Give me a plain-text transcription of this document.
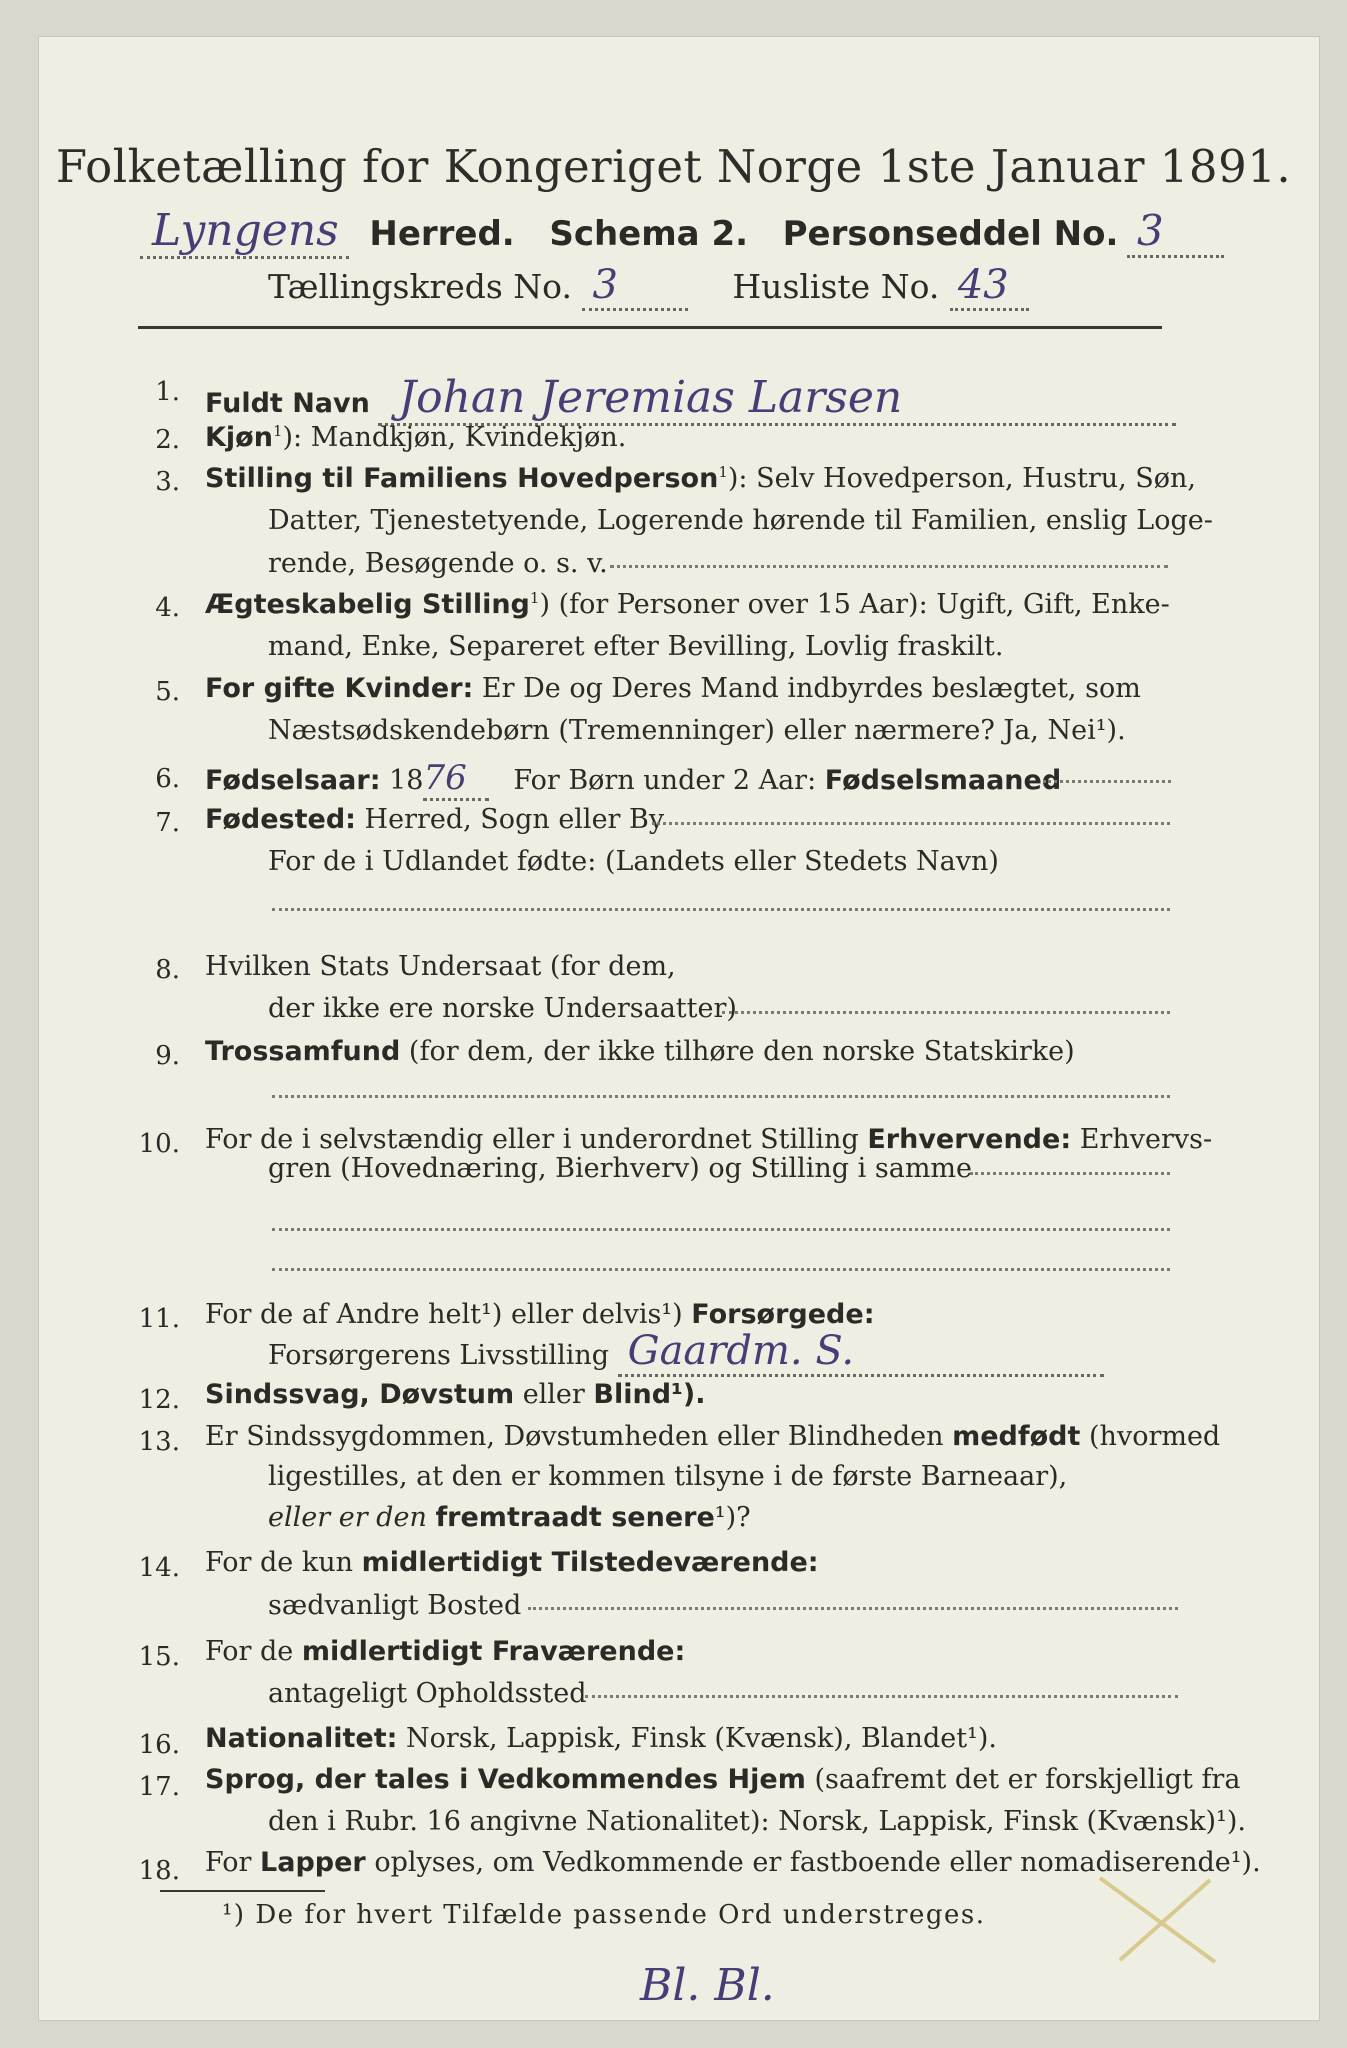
Folketælling for Kongeriget Norge 1ste Januar 1891.
Lyngens Herred. Schema 2. Personseddel No. 3
Tællingskreds No. 3	Husliste No. 43
1. Fuldt Navn Johan Jeremias Larsen
2. Kjøn$^1$): Mandkjøn, Kvindekjøn.
3. Stilling til Familiens Hovedperson$^1$): Selv Hovedperson, Hustru, Søn,
Datter, Tjenestetyende, Logerende hørende til Familien, enslig Loge-
rende, Besøgende o. s. v.
4. Ægteskabelig Stilling$^1$) (for Personer over 15 Aar): Ugift, Gift, Enke-
mand, Enke, Separeret efter Bevilling, Lovlig fraskilt.
5. For gifte Kvinder: Er De og Deres Mand indbyrdes beslægtet, som
Næstsødskendebørn (Tremenninger) eller nærmere? Ja, Nei¹).
6. Fødselsaar: 1876 For Børn under 2 Aar: Fødselsmaaned
7. Fødested: Herred, Sogn eller By
For de i Udlandet fødte: (Landets eller Stedets Navn)
8. Hvilken Stats Undersaat (for dem,
der ikke ere norske Undersaatter)
9. Trossamfund (for dem, der ikke tilhøre den norske Statskirke)
10. For de i selvstændig eller i underordnet Stilling Erhvervende: Erhvervs-
gren (Hovednæring, Bierhverv) og Stilling i samme
11. For de af Andre helt¹) eller delvis¹) Forsørgede:
Forsørgerens Livsstilling Gaardm. S.
12. Sindssvag, Døvstum eller Blind¹).
13. Er Sindssygdommen, Døvstumheden eller Blindheden medfødt (hvormed
ligestilles, at den er kommen tilsyne i de første Barneaar),
eller er den fremtraadt senere¹)?
14. For de kun midlertidigt Tilstedeværende:
sædvanligt Bosted
15. For de midlertidigt Fraværende:
antageligt Opholdssted
16. Nationalitet: Norsk, Lappisk, Finsk (Kvænsk), Blandet¹).
17. Sprog, der tales i Vedkommendes Hjem (saafremt det er forskjelligt fra
den i Rubr. 16 angivne Nationalitet): Norsk, Lappisk, Finsk (Kvænsk)¹).
18. For Lapper oplyses, om Vedkommende er fastboende eller nomadiserende¹).
¹) De for hvert Tilfælde passende Ord understreges.
Bl. Bl.
